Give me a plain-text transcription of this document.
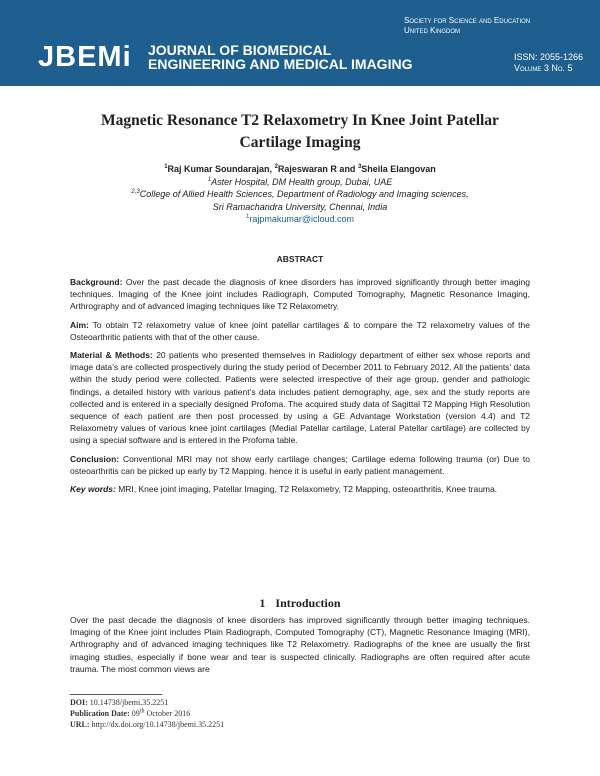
JBEMi JOURNAL OF BIOMEDICAL
ENGINEERING AND MEDICAL IMAGING
Society for Science and Education
United Kingdom
ISSN: 2055-1266
Volume 3 No. 5
Magnetic Resonance T2 Relaxometry In Knee Joint Patellar
Cartilage Imaging
$^1$Raj Kumar Soundarajan, $^2$Rajeswaran R and $^3$Sheila Elangovan
$^1$Aster Hospital, DM Health group, Dubai, UAE
$^{2,3}$College of Allied Health Sciences, Department of Radiology and Imaging sciences,
Sri Ramachandra University, Chennai, India
$^1$rajpmakumar@icloud.com
ABSTRACT

Background: Over the past decade the diagnosis of knee disorders has improved significantly through better imaging techniques. Imaging of the Knee joint includes Radiograph, Computed Tomography, Magnetic Resonance Imaging, Arthrography and of advanced imaging techniques like T2 Relaxometry.

Aim: To obtain T2 relaxometry value of knee joint patellar cartilages & to compare the T2 relaxometry values of the Osteoarthritic patients with that of the other cause.

Material & Methods: 20 patients who presented themselves in Radiology department of either sex whose reports and image data’s are collected prospectively during the study period of December 2011 to February 2012. All the patients’ data within the study period were collected. Patients were selected irrespective of their age group, gender and pathologic findings, a detailed history with various patient’s data includes patient demography, age, sex and the study reports are collected and is entered in a specially designed Profoma. The acquired study data of Sagittal T2 Mapping High Resolution sequence of each patient are then post processed by using a GE Advantage Workstation (version 4.4) and T2 Relaxometry values of various knee joint cartilages (Medial Patellar cartilage, Lateral Patellar cartilage) are collected by using a special software and is entered in the Profoma table.

Conclusion: Conventional MRI may not show early cartilage changes; Cartilage edema following trauma (or) Due to osteoarthritis can be picked up early by T2 Mapping. hence it is useful in early patient management.

Key words: MRI, Knee joint imaging, Patellar Imaging, T2 Relaxometry, T2 Mapping, osteoarthritis, Knee trauma.

1 Introduction

Over the past decade the diagnosis of knee disorders has improved significantly through better imaging techniques. Imaging of the Knee joint includes Plain Radiograph, Computed Tomography (CT), Magnetic Resonance Imaging (MRI), Arthrography and of advanced imaging techniques like T2 Relaxometry. Radiographs of the knee are usually the first imaging studies, especially if bone wear and tear is suspected clinically. Radiographs are often required after acute trauma. The most common views are

DOI: 10.14738/jbemi.35.2251
Publication Date: 09th October 2016
URL: http://dx.doi.org/10.14738/jbemi.35.2251
